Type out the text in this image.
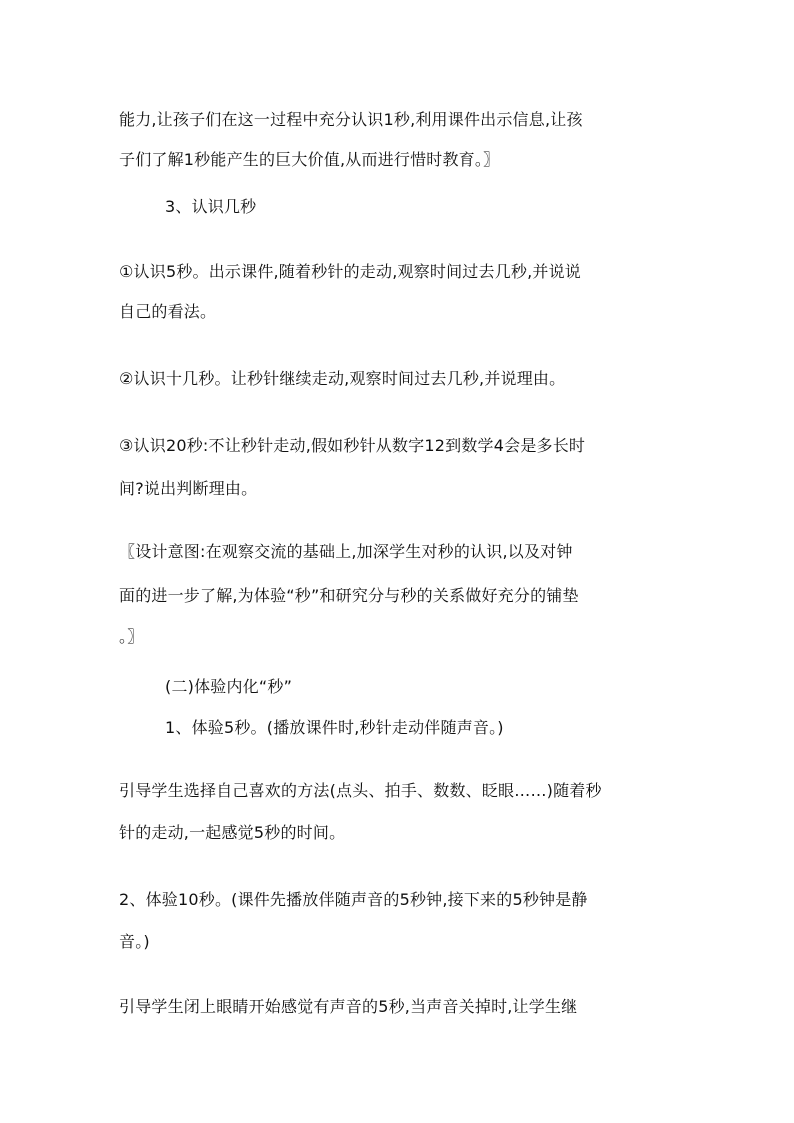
能力,让孩子们在这一过程中充分认识1秒,利用课件出示信息,让孩
子们了解1秒能产生的巨大价值,从而进行惜时教育。〗
3、认识几秒
①认识5秒。出示课件,随着秒针的走动,观察时间过去几秒,并说说
自己的看法。
②认识十几秒。让秒针继续走动,观察时间过去几秒,并说理由。
③认识20秒:不让秒针走动,假如秒针从数字12到数学4会是多长时
间?说出判断理由。
〖设计意图:在观察交流的基础上,加深学生对秒的认识,以及对钟
面的进一步了解,为体验“秒”和研究分与秒的关系做好充分的铺垫
。〗
(二)体验内化“秒”
1、体验5秒。(播放课件时,秒针走动伴随声音。)
引导学生选择自己喜欢的方法(点头、拍手、数数、眨眼……)随着秒
针的走动,一起感觉5秒的时间。
2、体验10秒。(课件先播放伴随声音的5秒钟,接下来的5秒钟是静
音。)
引导学生闭上眼睛开始感觉有声音的5秒,当声音关掉时,让学生继
